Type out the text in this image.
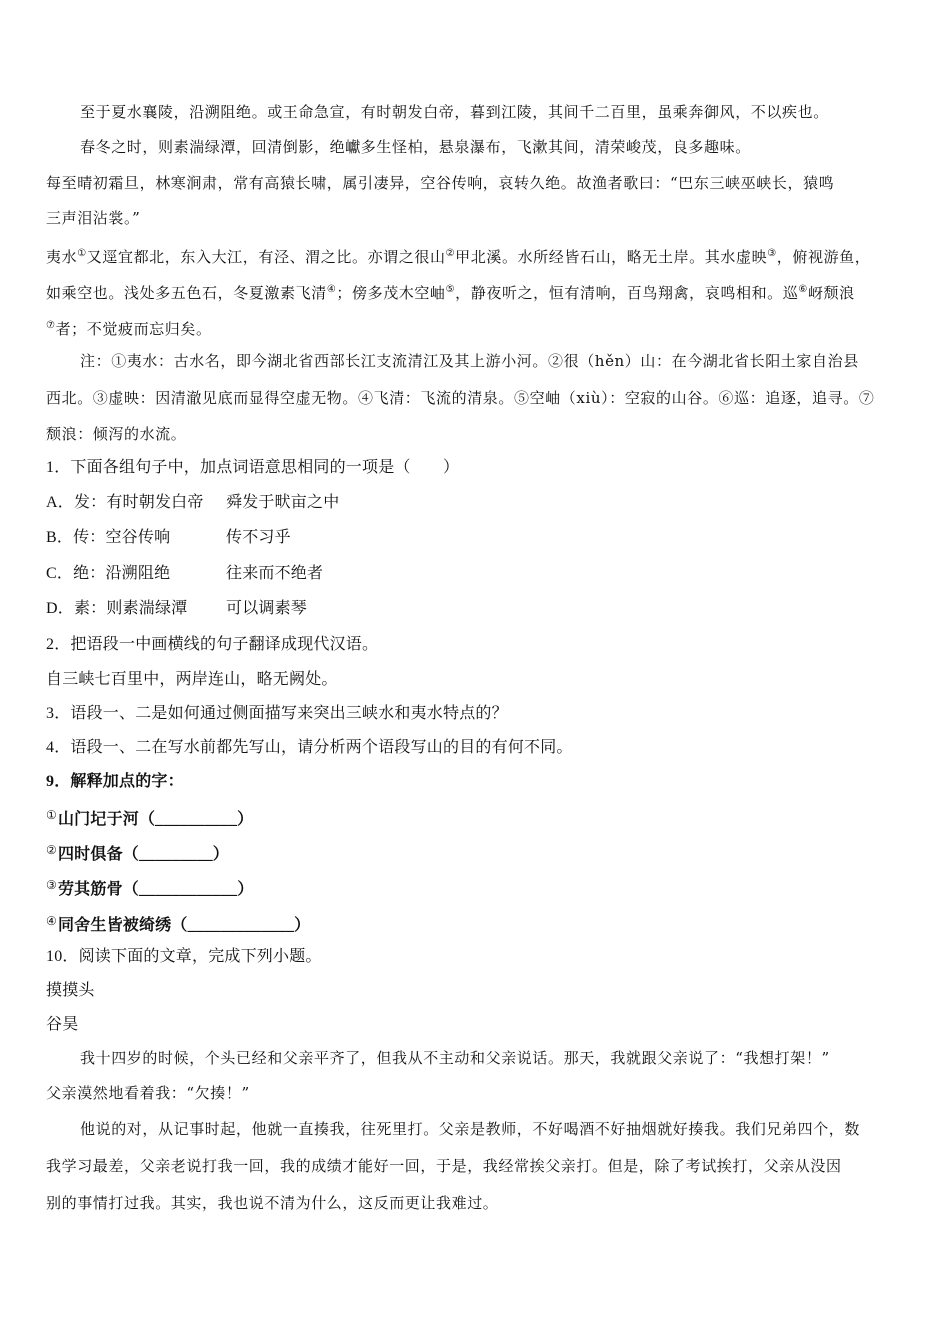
至于夏水襄陵，沿溯阻绝。或王命急宣，有时朝发白帝，暮到江陵，其间千二百里，虽乘奔御风，不以疾也。
春冬之时，则素湍绿潭，回清倒影，绝巘多生怪柏，悬泉瀑布，飞漱其间，清荣峻茂，良多趣味。
每至晴初霜旦，林寒涧肃，常有高猿长啸，属引凄异，空谷传响，哀转久绝。故渔者歌曰：“巴东三峡巫峡长，猿鸣
三声泪沾裳。”
夷水①又逕宜都北，东入大江，有泾、渭之比。亦谓之很山②甲北溪。水所经皆石山，略无土岸。其水虚映③，俯视游鱼，
如乘空也。浅处多五色石，冬夏激素飞清④；傍多茂木空岫⑤，静夜听之，恒有清响，百鸟翔禽，哀鸣相和。巡⑥岈颓浪
⑦者；不觉疲而忘归矣。
注：①夷水：古水名，即今湖北省西部长江支流清江及其上游小河。②很（hěn）山：在今湖北省长阳土家自治县
西北。③虚映：因清澈见底而显得空虚无物。④飞清：飞流的清泉。⑤空岫（xiù）：空寂的山谷。⑥巡：追逐，追寻。⑦
颓浪：倾泻的水流。
1．下面各组句子中，加点词语意思相同的一项是（　　）
A．发：有时朝发白帝 舜发于畎亩之中
B．传：空谷传响	传不习乎
C．绝：沿溯阻绝	往来而不绝者
D．素：则素湍绿潭 可以调素琴
2．把语段一中画横线的句子翻译成现代汉语。
自三峡七百里中，两岸连山，略无阙处。
3．语段一、二是如何通过侧面描写来突出三峡水和夷水特点的？
4．语段一、二在写水前都先写山，请分析两个语段写山的目的有何不同。
9．解释加点的字：
①山门圮于河（__________）
②四时俱备（_________）
③劳其筋骨（____________）
④同舍生皆被绮绣（_____________）
10．阅读下面的文章，完成下列小题。
摸摸头
谷昊
我十四岁的时候，个头已经和父亲平齐了，但我从不主动和父亲说话。那天，我就跟父亲说了：“我想打架！”
父亲漠然地看着我：“欠揍！”
他说的对，从记事时起，他就一直揍我，往死里打。父亲是教师，不好喝酒不好抽烟就好揍我。我们兄弟四个，数
我学习最差，父亲老说打我一回，我的成绩才能好一回，于是，我经常挨父亲打。但是，除了考试挨打，父亲从没因
别的事情打过我。其实，我也说不清为什么，这反而更让我难过。
